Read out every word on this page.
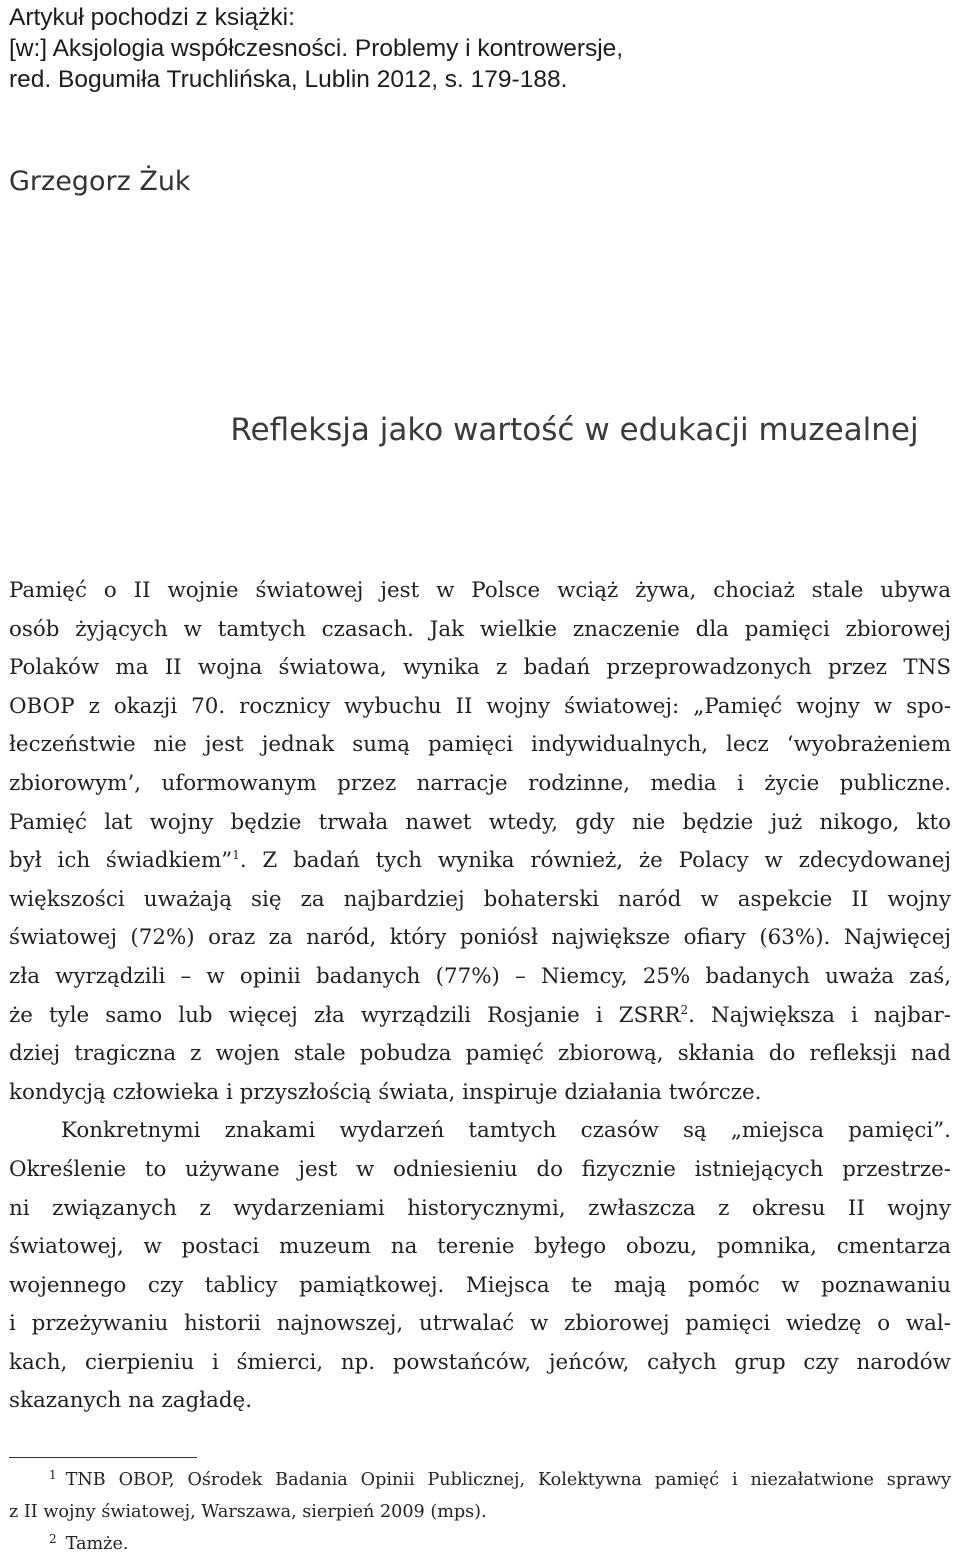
Artykuł pochodzi z książki:
[w:] Aksjologia współczesności. Problemy i kontrowersje,
red. Bogumiła Truchlińska, Lublin 2012, s. 179-188.
Grzegorz Żuk
Refleksja jako wartość w edukacji muzealnej
Pamięć o II wojnie światowej jest w Polsce wciąż żywa, chociaż stale ubywa
osób żyjących w tamtych czasach. Jak wielkie znaczenie dla pamięci zbiorowej
Polaków ma II wojna światowa, wynika z badań przeprowadzonych przez TNS
OBOP z okazji 70. rocznicy wybuchu II wojny światowej: „Pamięć wojny w spo-
łeczeństwie nie jest jednak sumą pamięci indywidualnych, lecz ‘wyobrażeniem
zbiorowym’, uformowanym przez narracje rodzinne, media i życie publiczne.
Pamięć lat wojny będzie trwała nawet wtedy, gdy nie będzie już nikogo, kto
był ich świadkiem”$^1$. Z badań tych wynika również, że Polacy w zdecydowanej
większości uważają się za najbardziej bohaterski naród w aspekcie II wojny
światowej (72%) oraz za naród, który poniósł największe ofiary (63%). Najwięcej
zła wyrządzili – w opinii badanych (77%) – Niemcy, 25% badanych uważa zaś,
że tyle samo lub więcej zła wyrządzili Rosjanie i ZSRR$^2$. Największa i najbar-
dziej tragiczna z wojen stale pobudza pamięć zbiorową, skłania do refleksji nad
kondycją człowieka i przyszłością świata, inspiruje działania twórcze.
Konkretnymi znakami wydarzeń tamtych czasów są „miejsca pamięci”.
Określenie to używane jest w odniesieniu do fizycznie istniejących przestrze-
ni związanych z wydarzeniami historycznymi, zwłaszcza z okresu II wojny
światowej, w postaci muzeum na terenie byłego obozu, pomnika, cmentarza
wojennego czy tablicy pamiątkowej. Miejsca te mają pomóc w poznawaniu
i przeżywaniu historii najnowszej, utrwalać w zbiorowej pamięci wiedzę o wal-
kach, cierpieniu i śmierci, np. powstańców, jeńców, całych grup czy narodów
skazanych na zagładę.
$^1$ TNB OBOP, Ośrodek Badania Opinii Publicznej, Kolektywna pamięć i niezałatwione sprawy
z II wojny światowej, Warszawa, sierpień 2009 (mps).
$^2$ Tamże.
